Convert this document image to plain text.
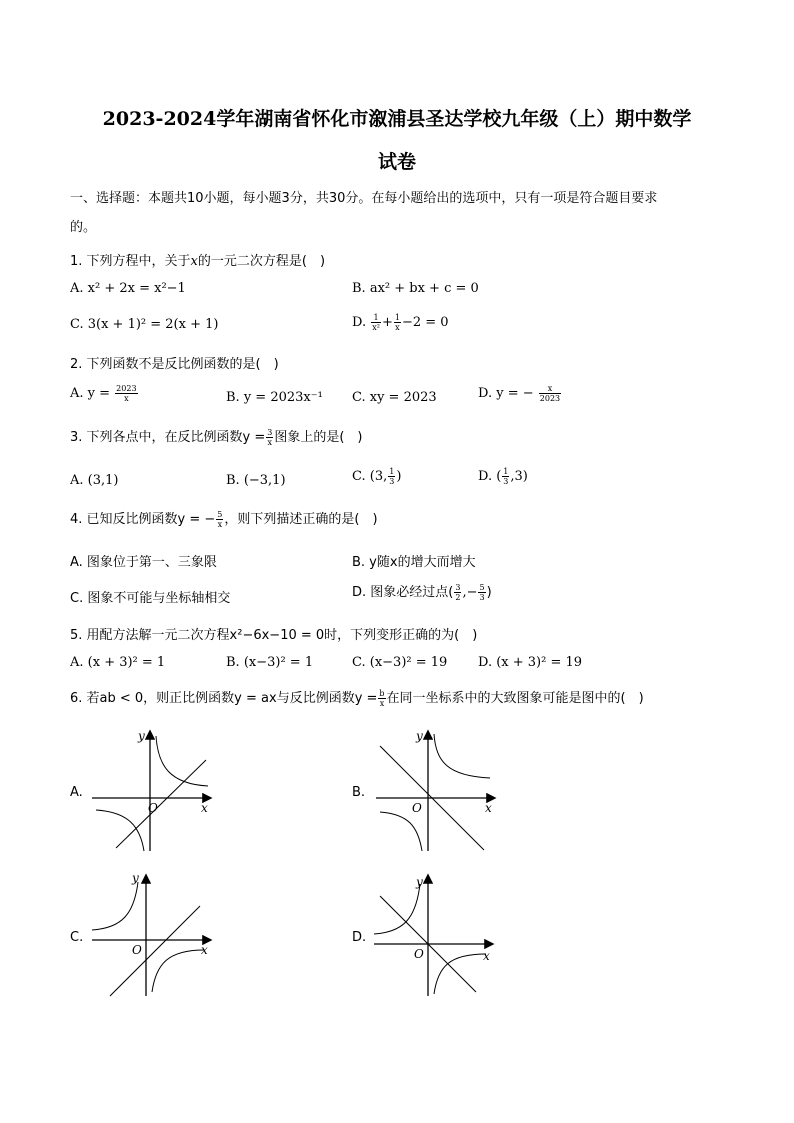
2023-2024学年湖南省怀化市溆浦县圣达学校九年级（上）期中数学
试卷
一、选择题：本题共10小题，每小题3分，共30分。在每小题给出的选项中，只有一项是符合题目要求
的。
1. 下列方程中，关于x的一元二次方程是(　)
A. x² + 2x = x²−1	B. ax² + bx + c = 0
C. 3(x + 1)² = 2(x + 1)	D. $\frac{1}{\text{x²}} + \frac{1}{x} -2 = 0$
2. 下列函数不是反比例函数的是(　)
A. $y = \frac{2023}{x}$	B. y = 2023x⁻¹ C. xy = 2023	D. y = − $\frac{x}{2023}$
3. 下列各点中，在反比例函数$y = \frac{3}{x}$ 图象上的是(　)
A. (3,1)	B. (−3,1)	C. (3, $\frac{1}{3}$ )	D. ( $\frac{1}{3} ,3$)
4. 已知反比例函数y = − $\frac{5}{x}$ ，则下列描述正确的是(　)
A. 图象位于第一、三象限	B. y随x的增大而增大
C. 图象不可能与坐标轴相交	D. 图象必经过点( $\frac{3}{2}$ ,− $\frac{5}{3}$ )
5. 用配方法解一元二次方程x²−6x−10 = 0时，下列变形正确的为(　)
A. (x + 3)² = 1	B. (x−3)² = 1	C. (x−3)² = 19 D. (x + 3)² = 19
6. 若ab < 0，则正比例函数y = ax与反比例函数$y = \frac{b}{x}$ 在同一坐标系中的大致图象可能是图中的(　)
A.	B.
C.	D.
y
x
O
y
x
O
y
x
O
y
x
O
